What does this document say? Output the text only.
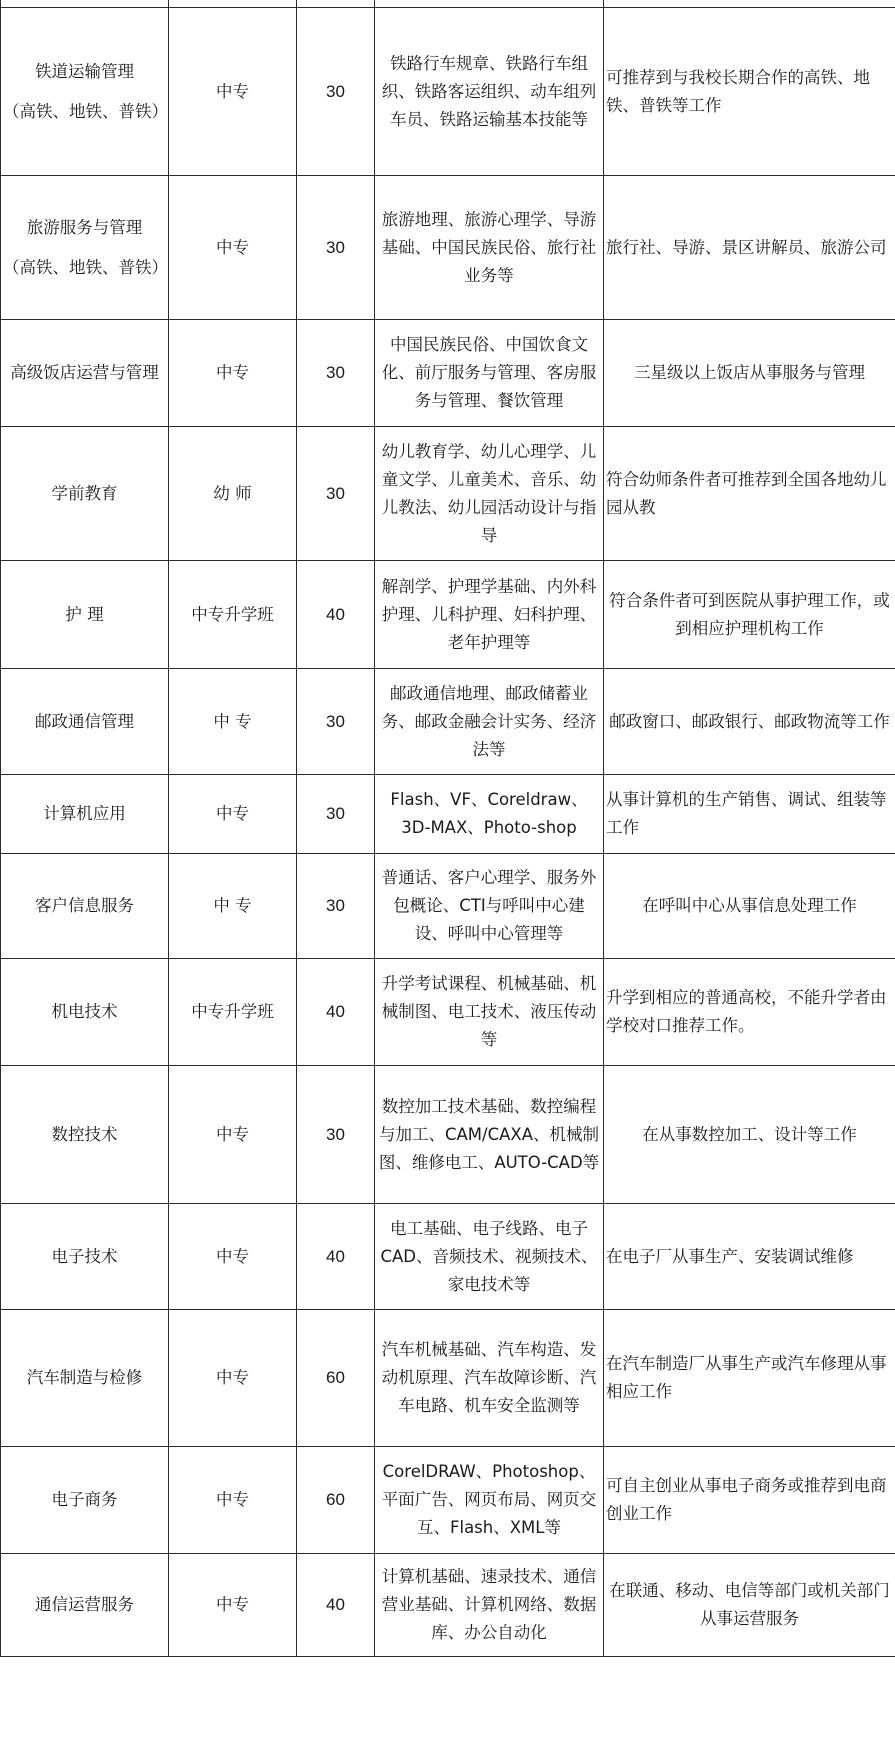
铁道运输管理
（高铁、地铁、普铁）	中专	30	铁路行车规章、铁路行车组织、铁路客运组织、动车组列车员、铁路运输基本技能等	可推荐到与我校长期合作的高铁、地铁、普铁等工作

旅游服务与管理
（高铁、地铁、普铁）	中专	30	旅游地理、旅游心理学、导游基础、中国民族民俗、旅行社业务等	旅行社、导游、景区讲解员、旅游公司
高级饭店运营与管理	中专	30	中国民族民俗、中国饮食文化、前厅服务与管理、客房服务与管理、餐饮管理	三星级以上饭店从事服务与管理
学前教育	幼 师	30	幼儿教育学、幼儿心理学、儿童文学、儿童美术、音乐、幼儿教法、幼儿园活动设计与指导	符合幼师条件者可推荐到全国各地幼儿园从教
护 理	中专升学班	40	解剖学、护理学基础、内外科护理、儿科护理、妇科护理、老年护理等	符合条件者可到医院从事护理工作，或到相应护理机构工作
邮政通信管理	中 专	30	邮政通信地理、邮政储蓄业务、邮政金融会计实务、经济法等	邮政窗口、邮政银行、邮政物流等工作
计算机应用	中专	30	Flash、VF、Coreldraw、3D-MAX、Photo-shop	从事计算机的生产销售、调试、组装等工作
客户信息服务	中 专	30	普通话、客户心理学、服务外包概论、CTI与呼叫中心建设、呼叫中心管理等	在呼叫中心从事信息处理工作
机电技术	中专升学班	40	升学考试课程、机械基础、机械制图、电工技术、液压传动等	升学到相应的普通高校，不能升学者由学校对口推荐工作。
数控技术	中专	30	数控加工技术基础、数控编程与加工、CAM/CAXA、机械制图、维修电工、AUTO-CAD等	在从事数控加工、设计等工作
电子技术	中专	40	电工基础、电子线路、电子CAD、音频技术、视频技术、家电技术等	在电子厂从事生产、安装调试维修
汽车制造与检修	中专	60	汽车机械基础、汽车构造、发动机原理、汽车故障诊断、汽车电路、机车安全监测等	在汽车制造厂从事生产或汽车修理从事相应工作
电子商务	中专	60	CorelDRAW、Photoshop、平面广告、网页布局、网页交互、Flash、XML等	可自主创业从事电子商务或推荐到电商创业工作
通信运营服务	中专	40	计算机基础、速录技术、通信营业基础、计算机网络、数据库、办公自动化	在联通、移动、电信等部门或机关部门从事运营服务
